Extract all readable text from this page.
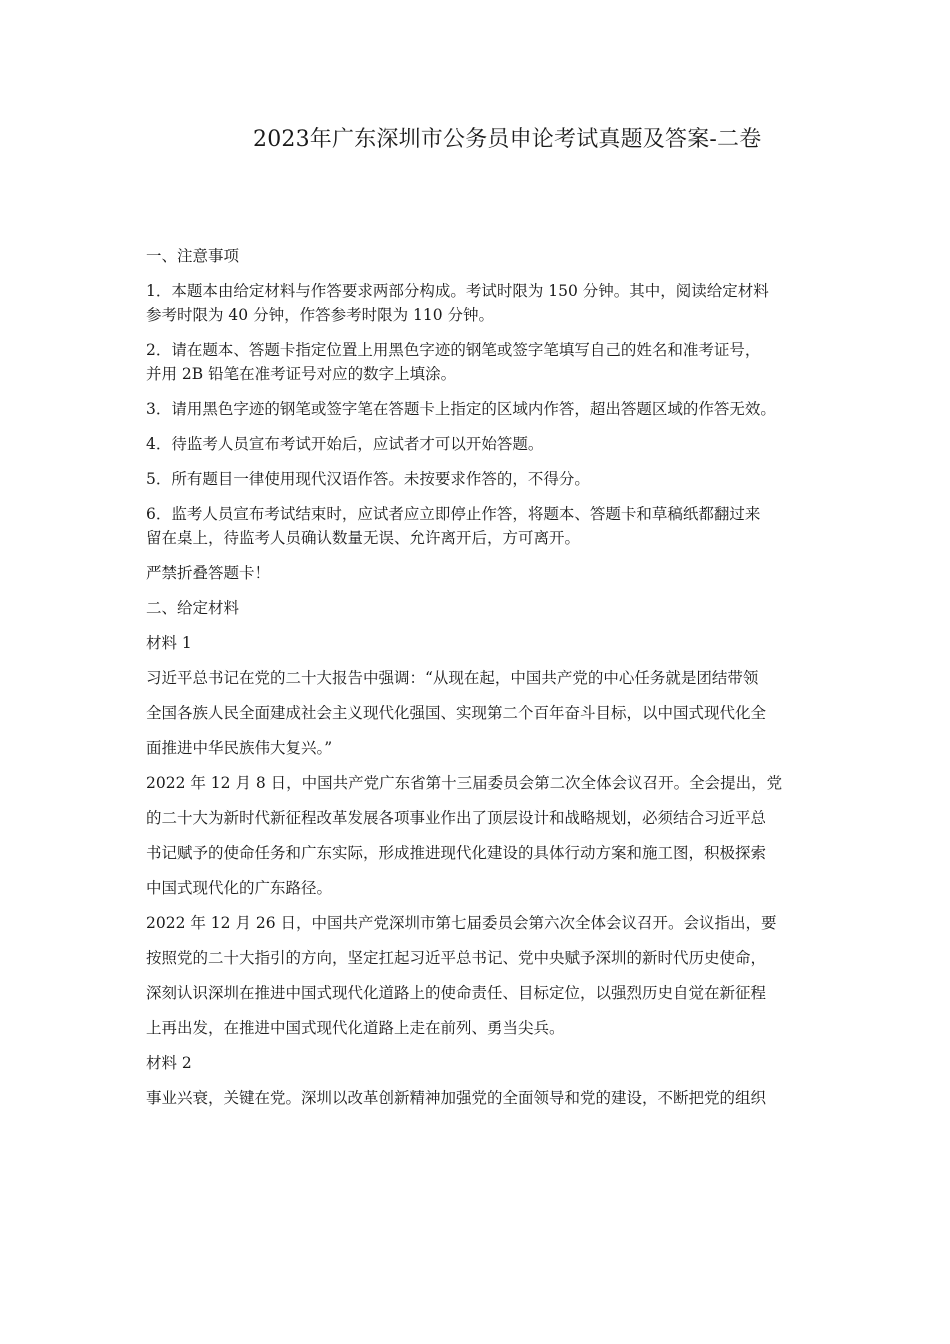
2023年广东深圳市公务员申论考试真题及答案-二卷

一、注意事项

1．本题本由给定材料与作答要求两部分构成。考试时限为 150 分钟。其中，阅读给定材料

参考时限为 40 分钟，作答参考时限为 110 分钟。

2．请在题本、答题卡指定位置上用黑色字迹的钢笔或签字笔填写自己的姓名和准考证号，

并用 2B 铅笔在准考证号对应的数字上填涂。

3．请用黑色字迹的钢笔或签字笔在答题卡上指定的区域内作答，超出答题区域的作答无效。

4．待监考人员宣布考试开始后，应试者才可以开始答题。

5．所有题目一律使用现代汉语作答。未按要求作答的，不得分。

6．监考人员宣布考试结束时，应试者应立即停止作答，将题本、答题卡和草稿纸都翻过来

留在桌上，待监考人员确认数量无误、允许离开后，方可离开。

严禁折叠答题卡！

二、给定材料

材料 1

习近平总书记在党的二十大报告中强调：“从现在起，中国共产党的中心任务就是团结带领

全国各族人民全面建成社会主义现代化强国、实现第二个百年奋斗目标，以中国式现代化全

面推进中华民族伟大复兴。”

2022 年 12 月 8 日，中国共产党广东省第十三届委员会第二次全体会议召开。全会提出，党

的二十大为新时代新征程改革发展各项事业作出了顶层设计和战略规划，必须结合习近平总

书记赋予的使命任务和广东实际，形成推进现代化建设的具体行动方案和施工图，积极探索

中国式现代化的广东路径。

2022 年 12 月 26 日，中国共产党深圳市第七届委员会第六次全体会议召开。会议指出，要

按照党的二十大指引的方向，坚定扛起习近平总书记、党中央赋予深圳的新时代历史使命，

深刻认识深圳在推进中国式现代化道路上的使命责任、目标定位，以强烈历史自觉在新征程

上再出发，在推进中国式现代化道路上走在前列、勇当尖兵。

材料 2

事业兴衰，关键在党。深圳以改革创新精神加强党的全面领导和党的建设，不断把党的组织
